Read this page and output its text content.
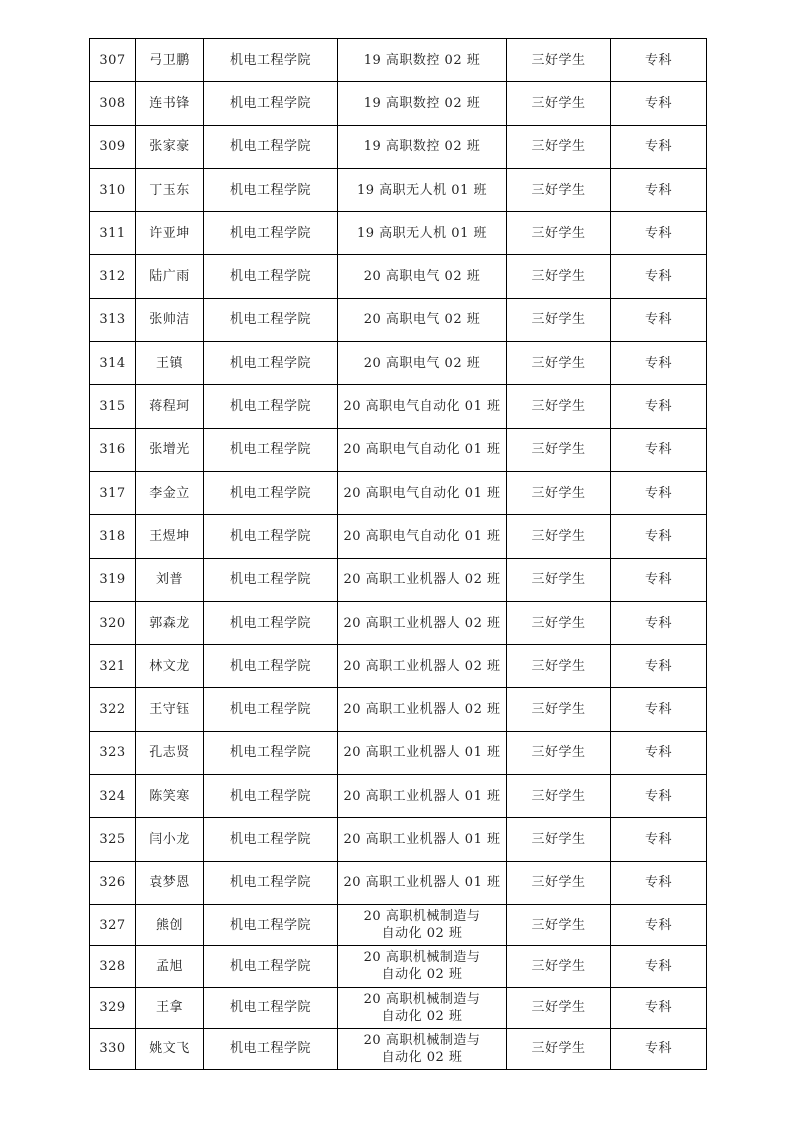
307	弓卫鹏	机电工程学院	19 高职数控 02 班	三好学生	专科
308	连书锋	机电工程学院	19 高职数控 02 班	三好学生	专科
309	张家豪	机电工程学院	19 高职数控 02 班	三好学生	专科
310	丁玉东	机电工程学院	19 高职无人机 01 班	三好学生	专科
311	许亚坤	机电工程学院	19 高职无人机 01 班	三好学生	专科
312	陆广雨	机电工程学院	20 高职电气 02 班	三好学生	专科
313	张帅洁	机电工程学院	20 高职电气 02 班	三好学生	专科
314	王镇	机电工程学院	20 高职电气 02 班	三好学生	专科
315	蒋程珂	机电工程学院	20 高职电气自动化 01 班	三好学生	专科
316	张增光	机电工程学院	20 高职电气自动化 01 班	三好学生	专科
317	李金立	机电工程学院	20 高职电气自动化 01 班	三好学生	专科
318	王煜坤	机电工程学院	20 高职电气自动化 01 班	三好学生	专科
319	刘普	机电工程学院	20 高职工业机器人 02 班	三好学生	专科
320	郭森龙	机电工程学院	20 高职工业机器人 02 班	三好学生	专科
321	林文龙	机电工程学院	20 高职工业机器人 02 班	三好学生	专科
322	王守钰	机电工程学院	20 高职工业机器人 02 班	三好学生	专科
323	孔志贤	机电工程学院	20 高职工业机器人 01 班	三好学生	专科
324	陈笑寒	机电工程学院	20 高职工业机器人 01 班	三好学生	专科
325	闫小龙	机电工程学院	20 高职工业机器人 01 班	三好学生	专科
326	袁梦恩	机电工程学院	20 高职工业机器人 01 班	三好学生	专科
327	熊创	机电工程学院	20 高职机械制造与
自动化 02 班	三好学生	专科
328	孟旭	机电工程学院	20 高职机械制造与
自动化 02 班	三好学生	专科
329	王拿	机电工程学院	20 高职机械制造与
自动化 02 班	三好学生	专科
330	姚文飞	机电工程学院	20 高职机械制造与
自动化 02 班	三好学生	专科
